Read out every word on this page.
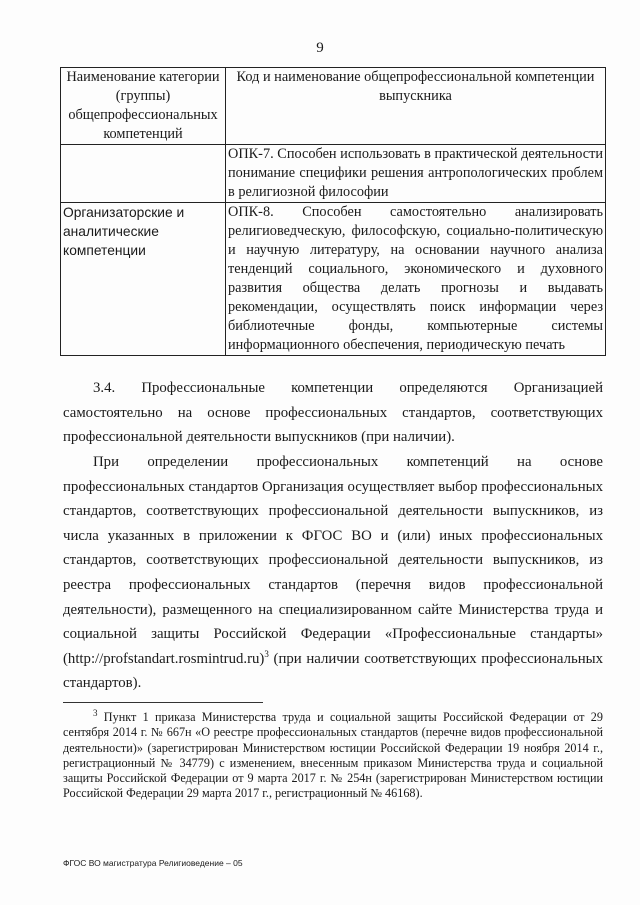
9
Наименование категории (группы) общепрофессиональных компетенций	Код и наименование общепрофессиональной компетенции выпускника
	ОПК-7. Способен использовать в практической деятельности понимание специфики решения антропологических проблем в религиозной философии
Организаторские и аналитические компетенции	ОПК-8. Способен самостоятельно анализировать религиоведческую, философскую, социально-политическую и научную литературу, на основании научного анализа тенденций социального, экономического и духовного развития общества делать прогнозы и выдавать рекомендации, осуществлять поиск информации через библиотечные фонды, компьютерные системы информационного обеспечения, периодическую печать

3.4. Профессиональные компетенции определяются Организацией самостоятельно на основе профессиональных стандартов, соответствующих профессиональной деятельности выпускников (при наличии).

При определении профессиональных компетенций на основе профессиональных стандартов Организация осуществляет выбор профессиональных стандартов, соответствующих профессиональной деятельности выпускников, из числа указанных в приложении к ФГОС ВО и (или) иных профессиональных стандартов, соответствующих профессиональной деятельности выпускников, из реестра профессиональных стандартов (перечня видов профессиональной деятельности), размещенного на специализированном сайте Министерства труда и социальной защиты Российской Федерации «Профессиональные стандарты» (http://profstandart.rosmintrud.ru)$^3$ (при наличии соответствующих профессиональных стандартов).

$^3$ Пункт 1 приказа Министерства труда и социальной защиты Российской Федерации от 29 сентября 2014 г. № 667н «О реестре профессиональных стандартов (перечне видов профессиональной деятельности)» (зарегистрирован Министерством юстиции Российской Федерации 19 ноября 2014 г., регистрационный № 34779) с изменением, внесенным приказом Министерства труда и социальной защиты Российской Федерации от 9 марта 2017 г. № 254н (зарегистрирован Министерством юстиции Российской Федерации 29 марта 2017 г., регистрационный № 46168).

ФГОС ВО магистратура Религиоведение – 05
